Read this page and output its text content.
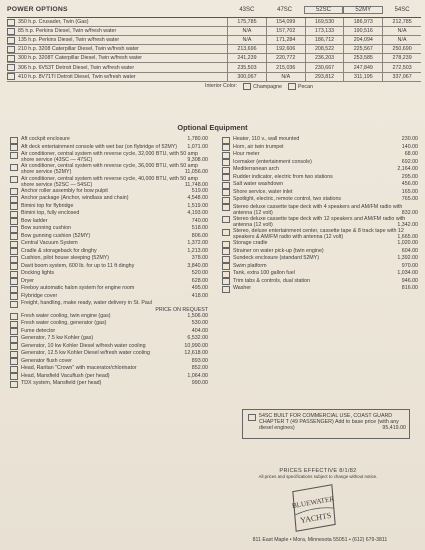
POWER OPTIONS	43SC	47SC	52SC	52MY	54SC
350 h.p. Crusader, Twin (Gas)	175,785	154,099	169,530	186,973	212,785
85 h.p. Perkins Diesel, Twin w/fresh water	N/A	157,702	173,133	190,516	N/A
135 h.p. Perkins Diesel, Twin w/fresh water	N/A	171,284	186,712	204,094	N/A
210 h.p. 3208 Caterpillar Diesel, Twin w/fresh water	213,696	192,606	208,522	225,567	250,690
300 h.p. 3208T Caterpillar Diesel, Twin w/fresh water	241,239	220,772	236,203	253,585	278,239
306 h.p. 6V53T Detroit Diesel, Twin w/fresh water	235,503	215,036	230,667	247,849	272,503
410 h.p. 8V71TI Detroit Diesel, Twin w/fresh water	300,067	N/A	293,812	311,195	337,067
Interior Color:	Champagne	Pecan
Optional Equipment
Aft cockpit enclosure	1,780.00
Aft deck entertainment console with wet bar (on flybridge of 52MY)	1,071.00
Air conditioner, central system with reverse cycle, 32,000 BTU, with 50 amp shore service (43SC — 47SC)	9,308.00
Air conditioner, central system with reverse cycle, 36,000 BTU, with 50 amp shore service (52MY)	11,056.00
Air conditioner, central system with reverse cycle, 40,000 BTU, with 50 amp shore service (52SC — 54SC)	11,748.00
Anchor roller assembly for bow pulpit	519.00
Anchor package (Anchor, windlass and chain)	4,548.00
Bimini top for flybridge	1,519.00
Bimini top, fully enclosed	4,193.00
Bow ladder	740.00
Bow sunning cushion	518.00
Bow gunning cushion (52MY)	806.00
Central Vacuum System	1,372.00
Cradle & storageback for dinghy	1,213.00
Cushion, pilot house sleeping (52MY)	378.00
Davit boom system, 600 lb. for up to 11 ft dinghy	3,840.00
Docking lights	520.00
Dryer	628.00
Fireboy automatic halon system for engine room	495.00
Flybridge cover	418.00
Freight, handling, make ready, water delivery in St. Paul
PRICE ON REQUEST
Fresh water cooling, twin engine (gas)	1,506.00
Fresh water cooling, generator (gas)	530.00
Fume detector	404.00
Generator, 7.5 kw Kohler (gas)	6,532.00
Generator, 10 kw Kohler Diesel w/fresh water cooling	10,990.00
Generator, 12.5 kw Kohler Diesel w/fresh water cooling	12,618.00
Generator flush cover	893.00
Head, Raritan "Crown" with macerator/chlorinator	852.00
Head, Mansfield Vacuflush (per head)	1,064.00
TDX system, Mansfield (per head)	990.00
Heater, 110 v., wall mounted	230.00
Horn, air twin trumpet	140.00
Hour meter	68.00
Icemaker (entertainment console)	692.00
Mediterranean arch	2,164.00
Rudder indicator, electric from two stations	295.00
Salt water washdown	456.00
Shore service, water inlet	165.00
Spotlight, electric, remote control, two stations	765.00
Stereo deluxe cassette tape deck with 4 speakers and AM/FM radio with antenna (12 volt)	832.00
Stereo deluxe cassette tape deck with 12 speakers and AM/FM radio with antenna (12 volt)	1,342.00
Stereo, deluxe entertainment center, cassette tape & 8 track tape with 12 speakers & AM/FM radio with antenna (12 volt)	1,665.00
Storage cradle	1,020.00
Strainer on water pick-up (twin engine)	604.00
Sundeck enclosure (standard 52MY)	1,392.00
Swim platform	970.00
Tank, extra 100 gallon fuel	1,034.00
Trim tabs & controls, dual station	946.00
Washer	816.00
54SC BUILT FOR COMMERCIAL USE, COAST GUARD CHAPTER T (49 PASSENGER) Add to base price (with any diesel engines)	95,419.00
PRICES EFFECTIVE 8/1/82
All prices and specifications subject to change without notice.
BLUEWATER
YACHTS
811 East Maple • Mora, Minnesota 55051 • (612) 679-3811
